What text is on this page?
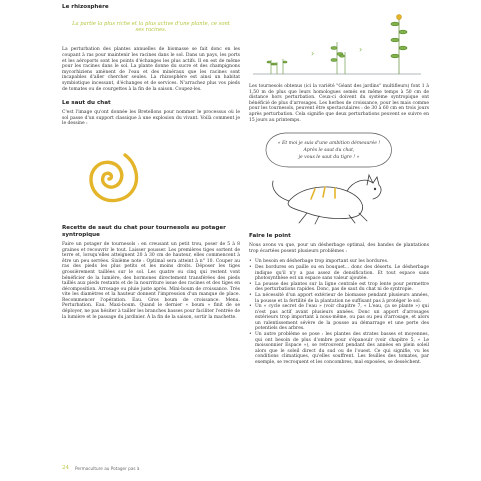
Le rhizosphère

La partie la plus riche et la plus active d'une plante, ce sont ses racines.

La perturbation des plantes annuelles de biomasse se fait donc en les coupant à ras pour maintenir les racines dans le sol. Dans un pays, les ports et les aéroports sont les points d'échanges les plus actifs. Il en est de même pour les racines dans le sol. La plante donne du sucre et des champignons mycorhiziens amènent de l'eau et des minéraux que les racines sont incapables d'aller chercher seules. La rhizosphère est ainsi un habitat symbiotique incessant, d'échanges et de services. N'arrachez plus vos pieds de tomates ou de courgettes à la fin de la saison. Coupez-les.

Le saut du chat

C'est l'image qu'ont donnée les Bretellons pour nommer le processus où le sol passe d'un support classique à une explosion du vivant. Voilà comment je le dessine :

Recette de saut du chat pour tournesols au potager syntropique

Faire un potager de tournesols : en creusant un petit trou, poser de 5 à 8 graines et recouvrir le tout. Laisser pousser. Les premières tiges sortent de terre et, lorsqu'elles atteignent 20 à 30 cm de hauteur, elles commencent à être un peu serrées. Sixième note : Optimal sera atteint à n° 10. Couper au ras des pieds les plus petits et les moins droits. Déposer les tiges grossièrement taillées sur le sol. Les quatre ou cinq qui restent vont bénéficier de la lumière, des hormones directement transférées des pieds taillés aux pieds restants et de la nourriture issue des racines et des tiges en décomposition. Arrosage ou pluie juste après. Mini-boum de croissance. Très vite les diamètres et la hauteur donnent l'impression d'un manque de place. Recommencer l'opération. Eau. Gros boum de croissance. Menu. Perturbation. Eau. Maxi-boum. Quand le dernier « boum » finit de se déployer, ne pas hésiter à tailler les branches basses pour faciliter l'entrée de la lumière et le passage du jardinier. À la fin de la saison, sortir la machette.

›	›

Les tournesols obtenus (ici la variété "Géant des jardins" multifleurs) font 1 à 1,50 m de plus que leurs homologues semés en même temps à 50 cm de distance hors perturbation. Ceux-ci doivent du système syntropique ont bénéficié de plus d'arrosages. Les herbes de croissance, pour les mais comme pour les tournesols, peuvent être spectaculaires : de 30 à 60 cm en trois jours après perturbation. Cela signifie que deux perturbations peuvent se suivre en 15 jours au printemps.

« Et moi je suis d'une ambition démesurée !
Après le saut du chat,
je vous le saut du tigre ! »
Faire le point

Nous avons vu que, pour un désherbage optimal, des bandes de plantations trop écartées posent plusieurs problèmes :

• Un besoin en désherbage trop important sur les bordures.
• Des bordures en paille ou en bouquet... donc des déserts. Le désherbage indique qu'il n'y a pas assez de densification. Et tout espace sans photosynthèse est un espace sans valeur ajoutée.
• La pousse des plantes sur la ligne centrale est trop lente pour permettre des perturbations rapides. Donc, pas de saut du chat ni de syntropie.
• La nécessité d'un apport extérieur de biomasse pendant plusieurs années, la pousse et la fertilité de la plantation ne suffisant pas à protéger le sol.
• Un « cycle secret de l'eau » (voir chapitre 7, « L'eau, ça se plante ») qui n'est pas actif avant plusieurs années. Donc un apport d'arrosages extérieurs trop important à nous-même, ou pas ou peu d'arrosage, et alors un ralentissement sévère de la pousse au démarrage et une perte des potentiels des arbres.
• Un autre problème se pose : les plantes des strates basses et moyennes, qui ont besoin de plus d'ombre pour s'épanouir (voir chapitre 5, « Le moissonnier Espace »), se retrouvent pendant des années en plein soleil alors que le soleil direct du sud ou de l'ouest. Ce qui signifie, vu les conditions climatiques, qu'elles souffrent. Les feuilles des tomates, par exemple, se recroquent et les concombres, mal exposées, se dessèchent.
24 Permaculture au Potager pas à
